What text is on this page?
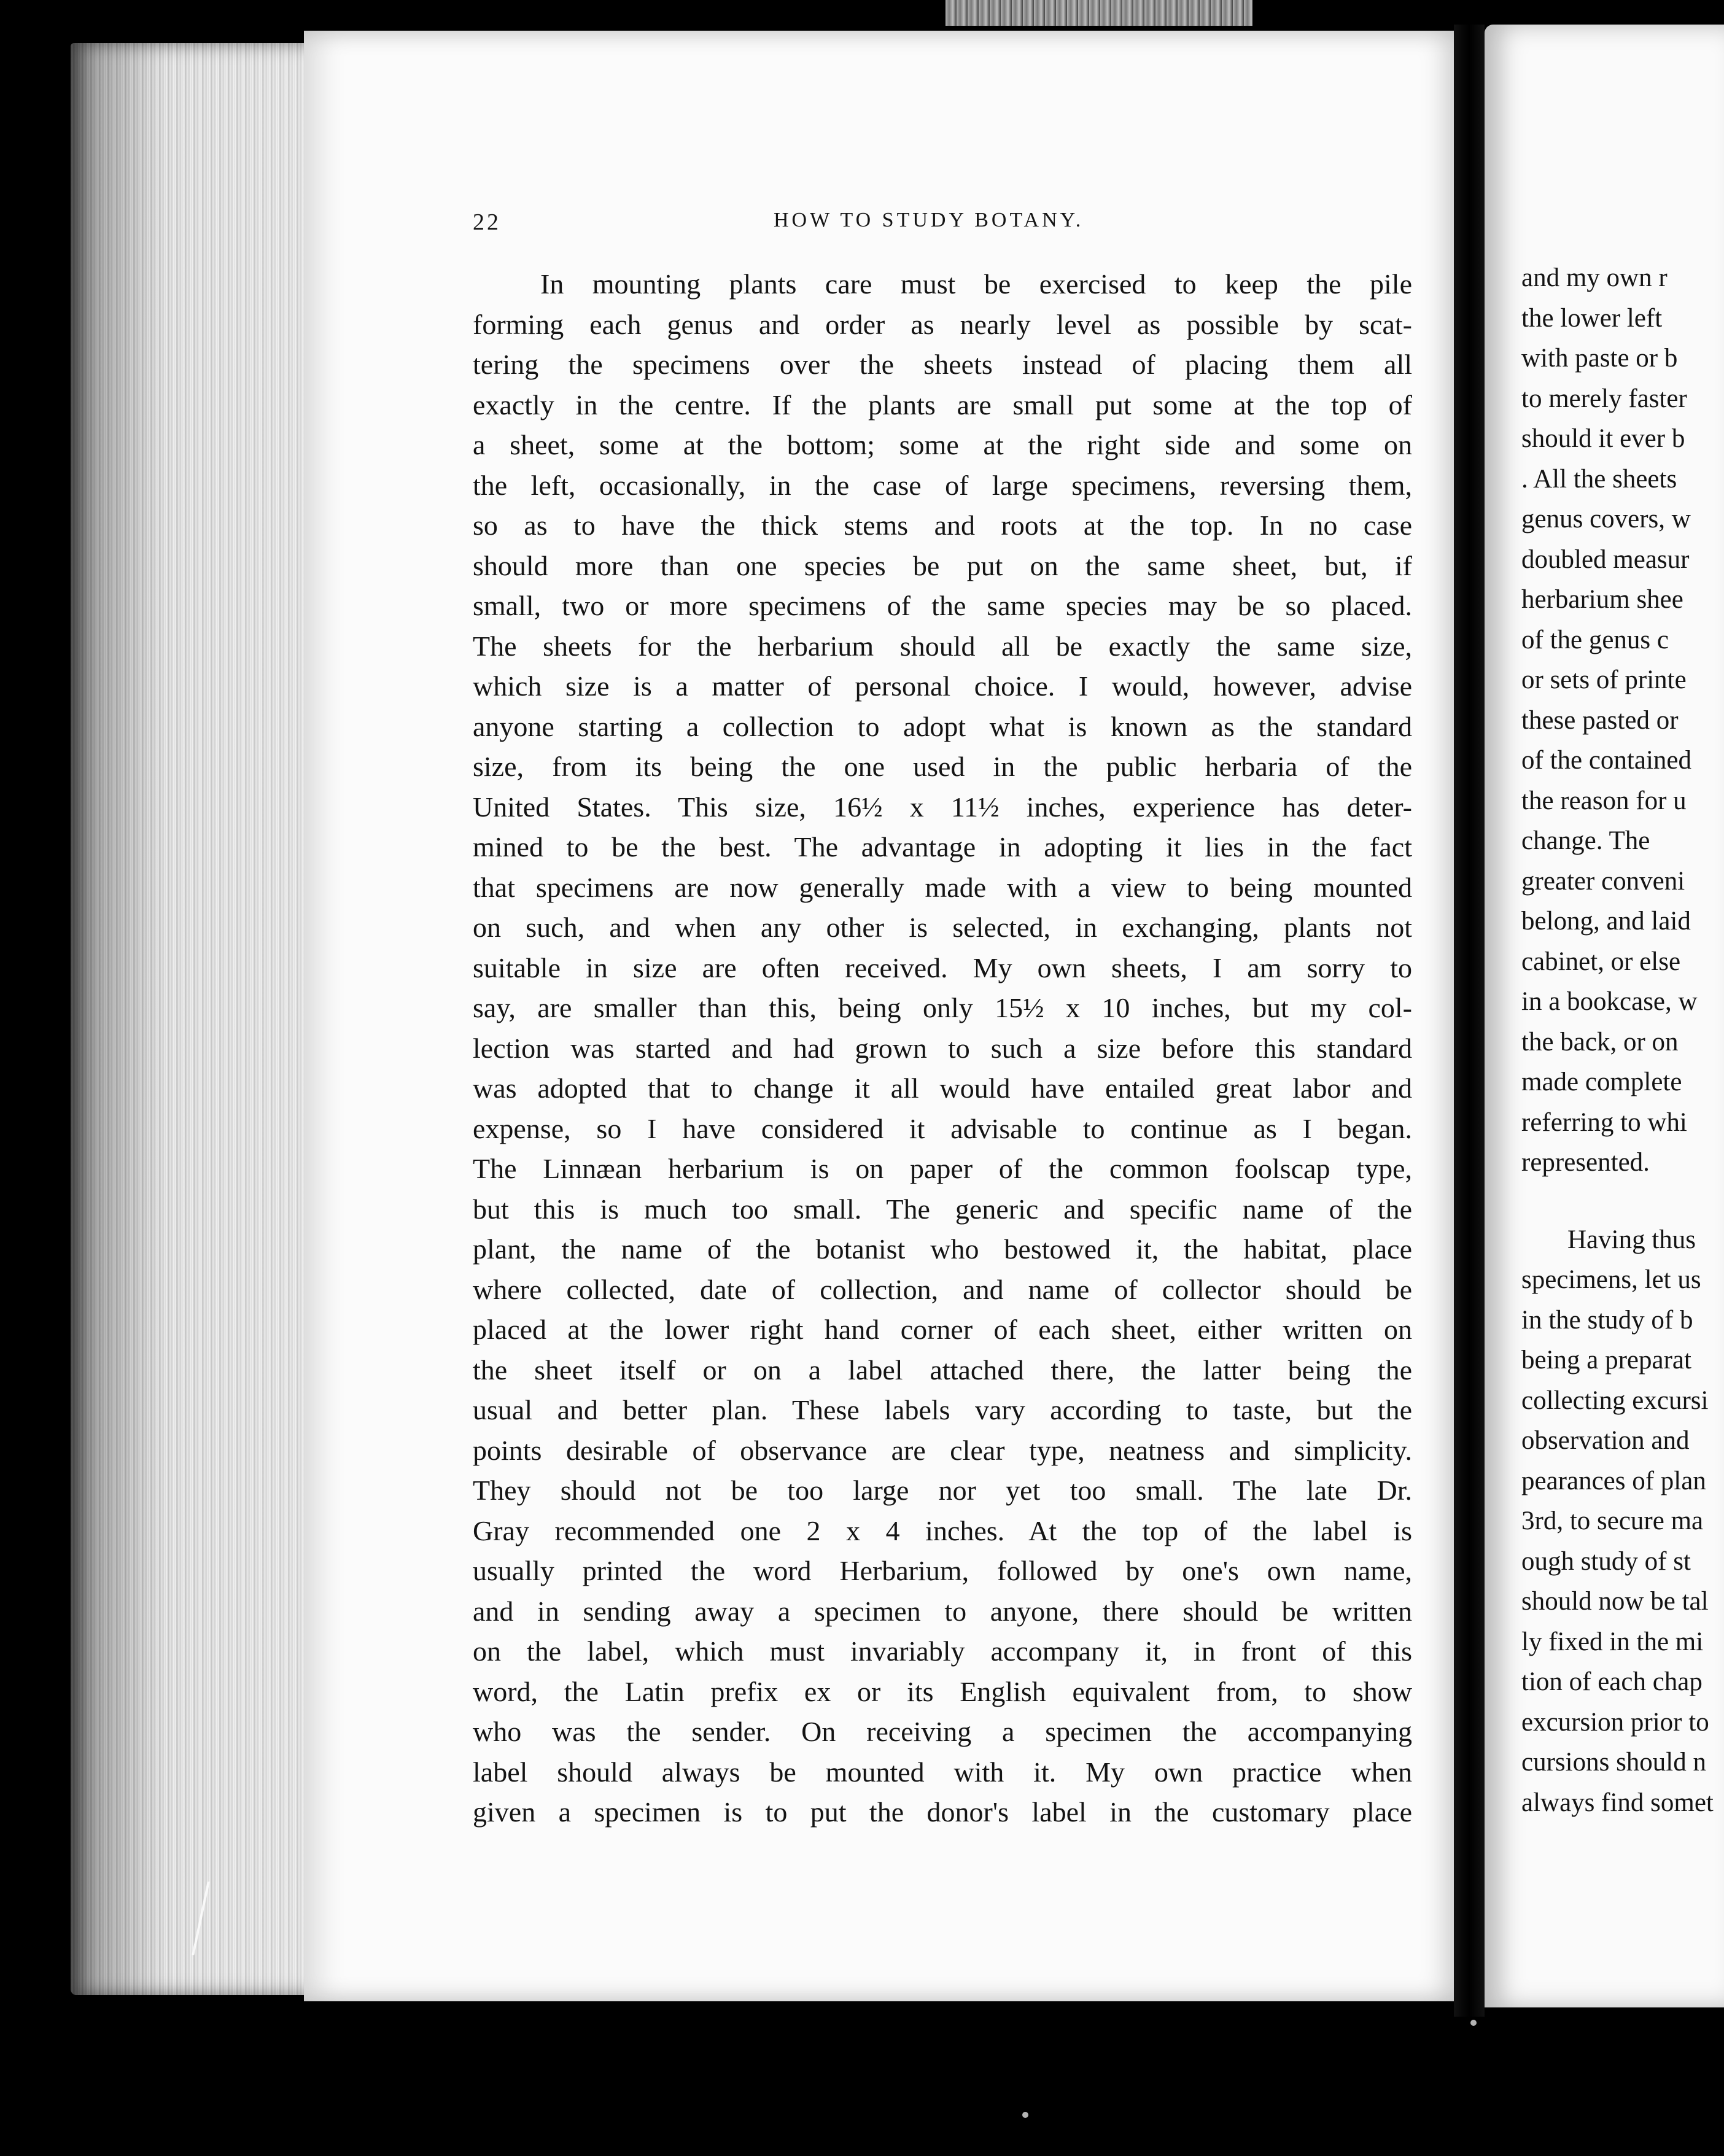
22	HOW TO STUDY BOTANY.
In mounting plants care must be exercised to keep the pile
forming each genus and order as nearly level as possible by scat-
tering the specimens over the sheets instead of placing them all
exactly in the centre. If the plants are small put some at the top of
a sheet, some at the bottom; some at the right side and some on
the left, occasionally, in the case of large specimens, reversing them,
so as to have the thick stems and roots at the top. In no case
should more than one species be put on the same sheet, but, if
small, two or more specimens of the same species may be so placed.
The sheets for the herbarium should all be exactly the same size,
which size is a matter of personal choice. I would, however, advise
anyone starting a collection to adopt what is known as the standard
size, from its being the one used in the public herbaria of the
United States. This size, 16½ x 11½ inches, experience has deter-
mined to be the best. The advantage in adopting it lies in the fact
that specimens are now generally made with a view to being mounted
on such, and when any other is selected, in exchanging, plants not
suitable in size are often received. My own sheets, I am sorry to
say, are smaller than this, being only 15½ x 10 inches, but my col-
lection was started and had grown to such a size before this standard
was adopted that to change it all would have entailed great labor and
expense, so I have considered it advisable to continue as I began.
The Linnæan herbarium is on paper of the common foolscap type,
but this is much too small. The generic and specific name of the
plant, the name of the botanist who bestowed it, the habitat, place
where collected, date of collection, and name of collector should be
placed at the lower right hand corner of each sheet, either written on
the sheet itself or on a label attached there, the latter being the
usual and better plan. These labels vary according to taste, but the
points desirable of observance are clear type, neatness and simplicity.
They should not be too large nor yet too small. The late Dr.
Gray recommended one 2 x 4 inches. At the top of the label is
usually printed the word Herbarium, followed by one's own name,
and in sending away a specimen to anyone, there should be written
on the label, which must invariably accompany it, in front of this
word, the Latin prefix ex or its English equivalent from, to show
who was the sender. On receiving a specimen the accompanying
label should always be mounted with it. My own practice when
given a specimen is to put the donor's label in the customary place
and my own r
the lower left
with paste or b
to merely faster
should it ever b
. All the sheets
genus covers, w
doubled measur
herbarium shee
of the genus c
or sets of printe
these pasted or
of the contained
the reason for u
change. The
greater conveni
belong, and laid
cabinet, or else
in a bookcase, w
the back, or on
made complete
referring to whi
represented.
Having thus
specimens, let us
in the study of b
being a preparat
collecting excursi
observation and
pearances of plan
3rd, to secure ma
ough study of st
should now be tal
ly fixed in the mi
tion of each chap
excursion prior to
cursions should n
always find somet
